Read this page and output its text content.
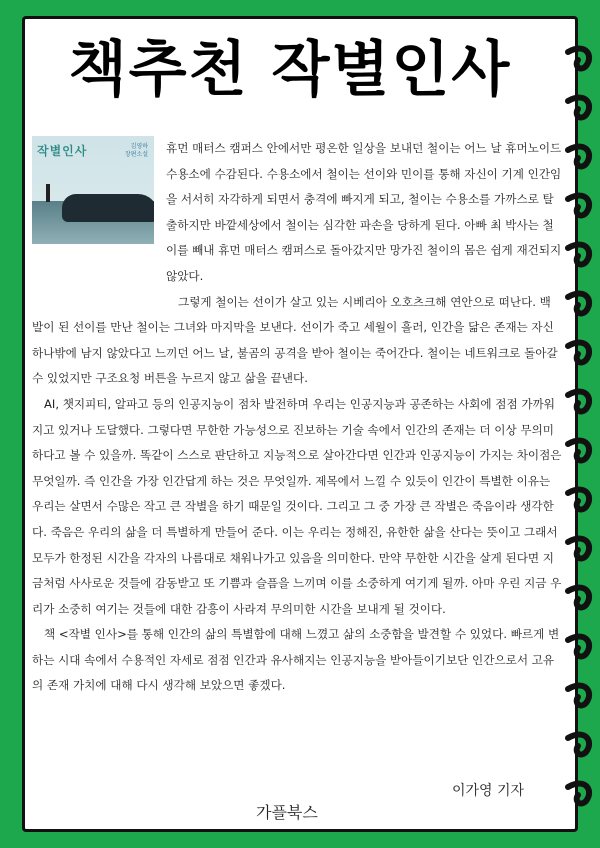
책추천 작별인사
작별인사	김영하
장편소설	휴먼 매터스 캠퍼스 안에서만 평온한 일상을 보내던 철이는 어느 날 휴머노이드 수용소에 수감된다. 수용소에서 철이는 선이와 민이를 통해 자신이 기계 인간임을 서서히 자각하게 되면서 충격에 빠지게 되고, 철이는 수용소를 가까스로 탈출하지만 바깥세상에서 철이는 심각한 파손을 당하게 된다. 아빠 최 박사는 철이를 빼내 휴먼 매터스 캠퍼스로 돌아갔지만 망가진 철이의 몸은 쉽게 재건되지 않았다.

그렇게 철이는 선이가 살고 있는 시베리아 오호츠크해 연안으로 떠난다. 백발이 된 선이를 만난 철이는 그녀와 마지막을 보낸다. 선이가 죽고 세월이 흘러, 인간을 닮은 존재는 자신 하나밖에 남지 않았다고 느끼던 어느 날, 불곰의 공격을 받아 철이는 죽어간다. 철이는 네트워크로 돌아갈 수 있었지만 구조요청 버튼을 누르지 않고 삶을 끝낸다.

AI, 챗지피티, 알파고 등의 인공지능이 점차 발전하며 우리는 인공지능과 공존하는 사회에 점점 가까워지고 있거나 도달했다. 그렇다면 무한한 가능성으로 진보하는 기술 속에서 인간의 존재는 더 이상 무의미하다고 볼 수 있을까. 똑같이 스스로 판단하고 지능적으로 살아간다면 인간과 인공지능이 가지는 차이점은 무엇일까. 즉 인간을 가장 인간답게 하는 것은 무엇일까. 제목에서 느낄 수 있듯이 인간이 특별한 이유는 우리는 살면서 수많은 작고 큰 작별을 하기 때문일 것이다. 그리고 그 중 가장 큰 작별은 죽음이라 생각한다. 죽음은 우리의 삶을 더 특별하게 만들어 준다. 이는 우리는 정해진, 유한한 삶을 산다는 뜻이고 그래서 모두가 한정된 시간을 각자의 나름대로 채워나가고 있음을 의미한다. 만약 무한한 시간을 살게 된다면 지금처럼 사사로운 것들에 감동받고 또 기쁨과 슬픔을 느끼며 이를 소중하게 여기게 될까. 아마 우린 지금 우리가 소중히 여기는 것들에 대한 감흥이 사라져 무의미한 시간을 보내게 될 것이다.

책 <작별 인사>를 통해 인간의 삶의 특별함에 대해 느꼈고 삶의 소중함을 발견할 수 있었다. 빠르게 변하는 시대 속에서 수용적인 자세로 점점 인간과 유사해지는 인공지능을 받아들이기보단 인간으로서 고유의 존재 가치에 대해 다시 생각해 보았으면 좋겠다.

이가영 기자
가플북스
